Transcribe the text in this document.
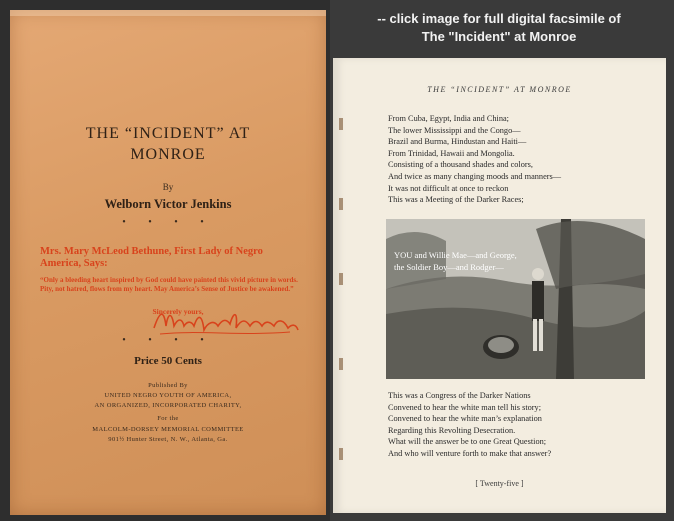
THE “INCIDENT” AT
MONROE
By
Welborn Victor Jenkins
• • • •
Mrs. Mary McLeod Bethune, First Lady of Negro America, Says:
“Only a bleeding heart inspired by God could have painted this vivid picture in words. Pity, not hatred, flows from my heart. May America’s Sense of Justice be awakened.”
Sincerely yours,
• • • •
Price 50 Cents
Published By
UNITED NEGRO YOUTH OF AMERICA,
AN ORGANIZED, INCORPORATED CHARITY,
For the
MALCOLM-DORSEY MEMORIAL COMMITTEE
901½ Hunter Street, N. W., Atlanta, Ga.
-- click image for full digital facsimile of
The "Incident" at Monroe
THE “INCIDENT” AT MONROE
From Cuba, Egypt, India and China;
The lower Mississippi and the Congo—
Brazil and Burma, Hindustan and Haiti—
From Trinidad, Hawaii and Mongolia.
Consisting of a thousand shades and colors,
And twice as many changing moods and manners—
It was not difficult at once to reckon
This was a Meeting of the Darker Races;
YOU and Willie Mae—and George,
the Soldier Boy—and Rodger—
This was a Congress of the Darker Nations
Convened to hear the white man tell his story;
Convened to hear the white man’s explanation
Regarding this Revolting Desecration.
What will the answer be to one Great Question;
And who will venture forth to make that answer?
[ Twenty-five ]
